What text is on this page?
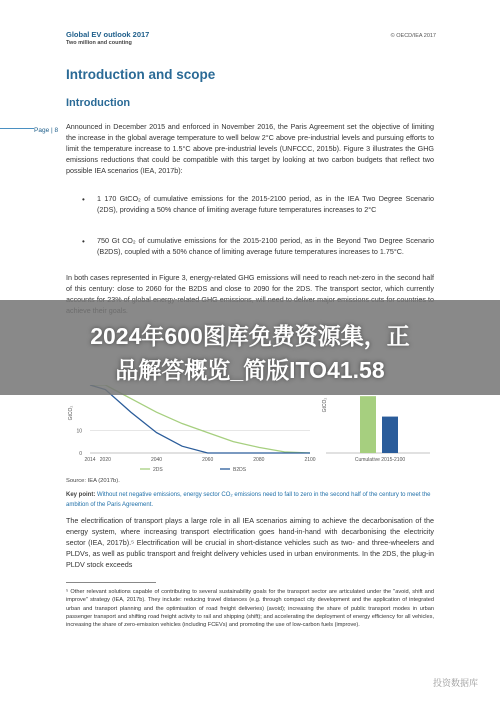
Global EV outlook 2017
Two million and counting
© OECD/IEA 2017
Introduction and scope
Introduction
Page | 8 Announced in December 2015 and enforced in November 2016, the Paris Agreement set the objective of limiting the increase in the global average temperature to well below 2°C above pre-industrial levels and pursuing efforts to limit the temperature increase to 1.5°C above pre-industrial levels (UNFCCC, 2015b). Figure 3 illustrates the GHG emissions reductions that could be compatible with this target by looking at two carbon budgets that reflect two possible IEA scenarios (IEA, 2017b):
• 1 170 GtCO₂ of cumulative emissions for the 2015-2100 period, as in the IEA Two Degree Scenario (2DS), providing a 50% chance of limiting average future temperatures increases to 2°C
• 750 Gt CO₂ of cumulative emissions for the 2015-2100 period, as in the Beyond Two Degree Scenario (B2DS), coupled with a 50% chance of limiting average future temperatures increases to 1.75°C.
In both cases represented in Figure 3, energy-related GHG emissions will need to reach net-zero in the second half of this century: close to 2060 for the B2DS and close to 2090 for the 2DS. The transport sector, which currently
0
10
GtCO₂
2014 2020	2040	2060	2080	2100
2DS	B2DS
GtCO₂
Cumulative 2015-2100
Source: IEA (2017b).
Key point: Without net negative emissions, energy sector CO₂ emissions need to fall to zero in the second half of the century to meet the ambition of the Paris Agreement.
The electrification of transport plays a large role in all IEA scenarios aiming to achieve the decarbonisation of the energy system, where increasing transport electrification goes hand-in-hand with decarbonising the electricity sector (IEA, 2017b).⁵ Electrification will be crucial in short-distance vehicles such as two- and three-wheelers and PLDVs, as well as public transport and freight delivery vehicles used in urban environments. In the 2DS, the plug-in PLDV stock exceeds
⁵ Other relevant solutions capable of contributing to several sustainability goals for the transport sector are articulated under the "avoid, shift and improve" strategy (IEA, 2017b). They include: reducing travel distances (e.g. through compact city development and the application of integrated urban and transport planning and the optimisation of road freight deliveries) (avoid); increasing the share of public transport modes in urban passenger transport and shifting road freight activity to rail and shipping (shift); and accelerating the deployment of energy efficiency for all vehicles, increasing the share of zero-emission vehicles (including FCEVs) and promoting the use of low-carbon fuels (improve).
2024年600图库免费资源集，正
品解答概览_简版ITO41.58
投资数据库
